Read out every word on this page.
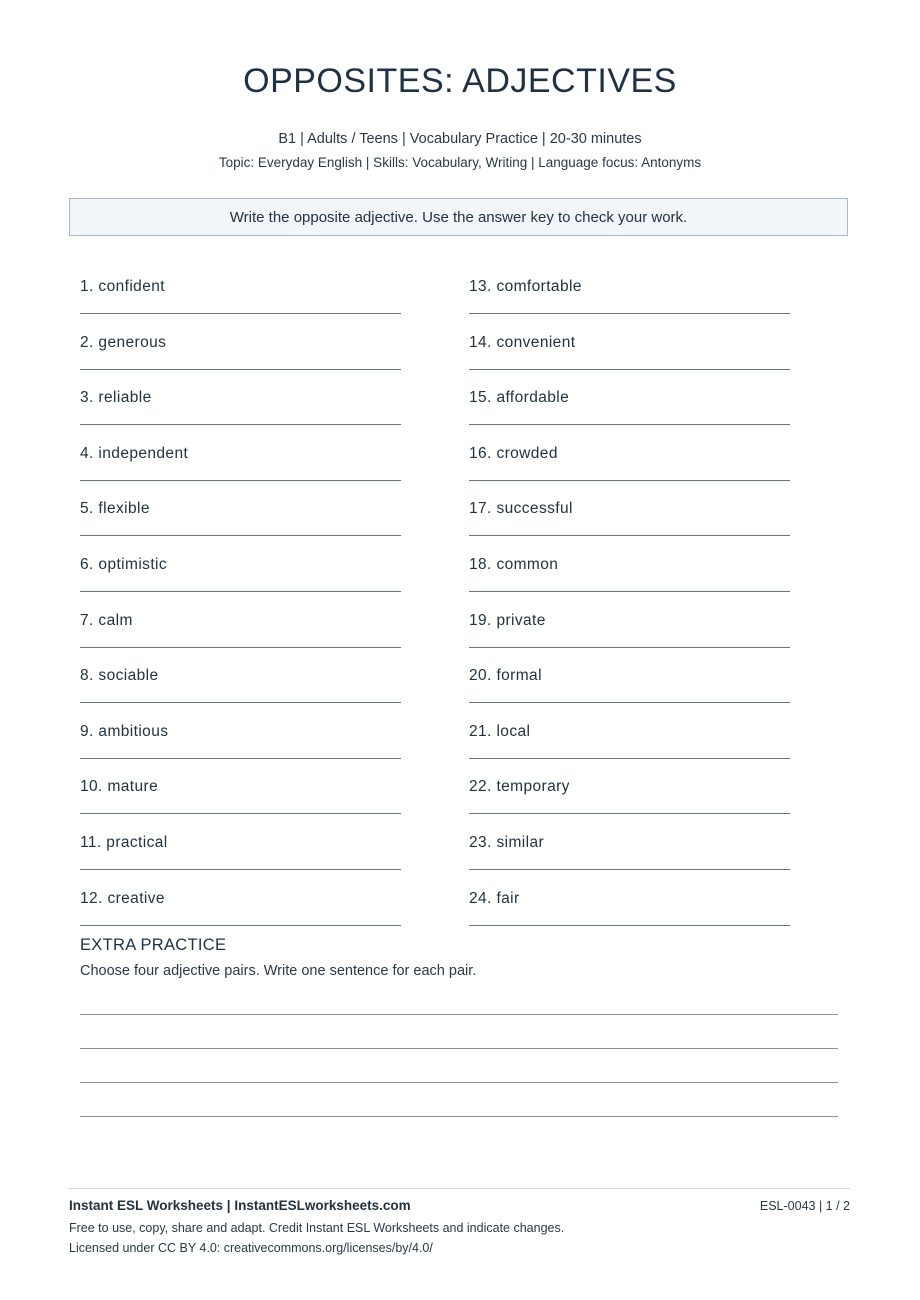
OPPOSITES: ADJECTIVES
B1 | Adults / Teens | Vocabulary Practice | 20-30 minutes
Topic: Everyday English | Skills: Vocabulary, Writing | Language focus: Antonyms
Write the opposite adjective. Use the answer key to check your work.
1. confident
2. generous
3. reliable
4. independent
5. flexible
6. optimistic
7. calm
8. sociable
9. ambitious
10. mature
11. practical
12. creative
13. comfortable
14. convenient
15. affordable
16. crowded
17. successful
18. common
19. private
20. formal
21. local
22. temporary
23. similar
24. fair
EXTRA PRACTICE
Choose four adjective pairs. Write one sentence for each pair.
Instant ESL Worksheets | InstantESLworksheets.com	ESL-0043 | 1 / 2
Free to use, copy, share and adapt. Credit Instant ESL Worksheets and indicate changes.
Licensed under CC BY 4.0: creativecommons.org/licenses/by/4.0/
